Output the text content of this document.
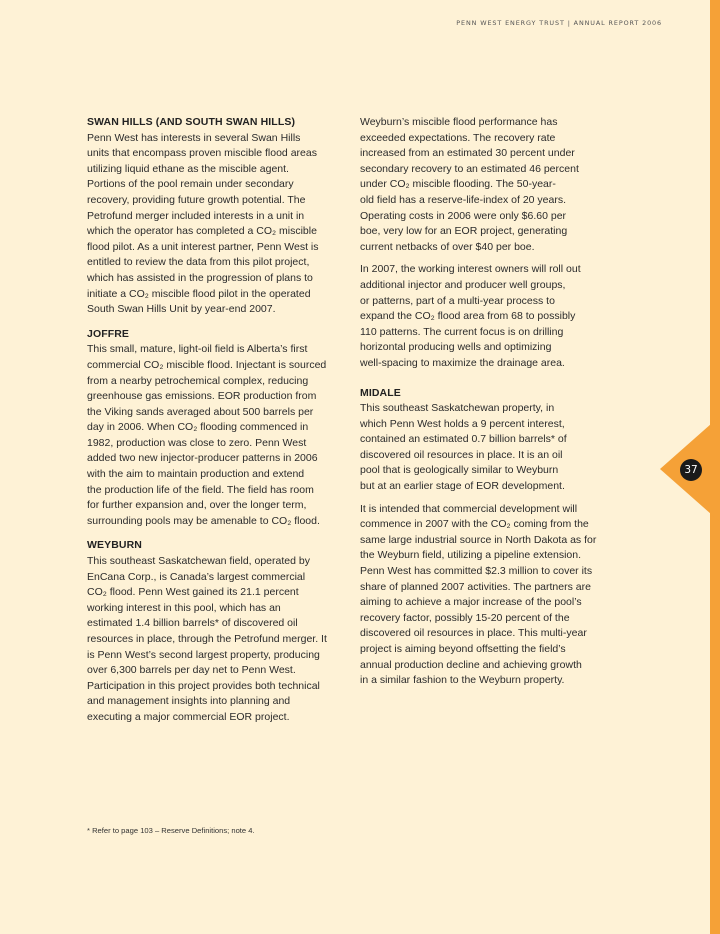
PENN WEST ENERGY TRUST | ANNUAL REPORT 2006
37
SWAN HILLS (AND SOUTH SWAN HILLS)

Penn West has interests in several Swan Hills
units that encompass proven miscible flood areas
utilizing liquid ethane as the miscible agent.
Portions of the pool remain under secondary
recovery, providing future growth potential. The
Petrofund merger included interests in a unit in
which the operator has completed a CO₂ miscible
flood pilot. As a unit interest partner, Penn West is
entitled to review the data from this pilot project,
which has assisted in the progression of plans to
initiate a CO₂ miscible flood pilot in the operated
South Swan Hills Unit by year-end 2007.

JOFFRE

This small, mature, light-oil field is Alberta’s first
commercial CO₂ miscible flood. Injectant is sourced
from a nearby petrochemical complex, reducing
greenhouse gas emissions. EOR production from
the Viking sands averaged about 500 barrels per
day in 2006. When CO₂ flooding commenced in
1982, production was close to zero. Penn West
added two new injector-producer patterns in 2006
with the aim to maintain production and extend
the production life of the field. The field has room
for further expansion and, over the longer term,
surrounding pools may be amenable to CO₂ flood.

WEYBURN

This southeast Saskatchewan field, operated by
EnCana Corp., is Canada’s largest commercial
CO₂ flood. Penn West gained its 21.1 percent
working interest in this pool, which has an
estimated 1.4 billion barrels* of discovered oil
resources in place, through the Petrofund merger. It
is Penn West’s second largest property, producing
over 6,300 barrels per day net to Penn West.
Participation in this project provides both technical
and management insights into planning and
executing a major commercial EOR project.

Weyburn’s miscible flood performance has
exceeded expectations. The recovery rate
increased from an estimated 30 percent under
secondary recovery to an estimated 46 percent
under CO₂ miscible flooding. The 50-year-
old field has a reserve-life-index of 20 years.
Operating costs in 2006 were only $6.60 per
boe, very low for an EOR project, generating
current netbacks of over $40 per boe.

In 2007, the working interest owners will roll out
additional injector and producer well groups,
or patterns, part of a multi-year process to
expand the CO₂ flood area from 68 to possibly
110 patterns. The current focus is on drilling
horizontal producing wells and optimizing
well-spacing to maximize the drainage area.

MIDALE

This southeast Saskatchewan property, in
which Penn West holds a 9 percent interest,
contained an estimated 0.7 billion barrels* of
discovered oil resources in place. It is an oil
pool that is geologically similar to Weyburn
but at an earlier stage of EOR development.

It is intended that commercial development will
commence in 2007 with the CO₂ coming from the
same large industrial source in North Dakota as for
the Weyburn field, utilizing a pipeline extension.
Penn West has committed $2.3 million to cover its
share of planned 2007 activities. The partners are
aiming to achieve a major increase of the pool’s
recovery factor, possibly 15-20 percent of the
discovered oil resources in place. This multi-year
project is aiming beyond offsetting the field’s
annual production decline and achieving growth
in a similar fashion to the Weyburn property.

* Refer to page 103 – Reserve Definitions; note 4.
